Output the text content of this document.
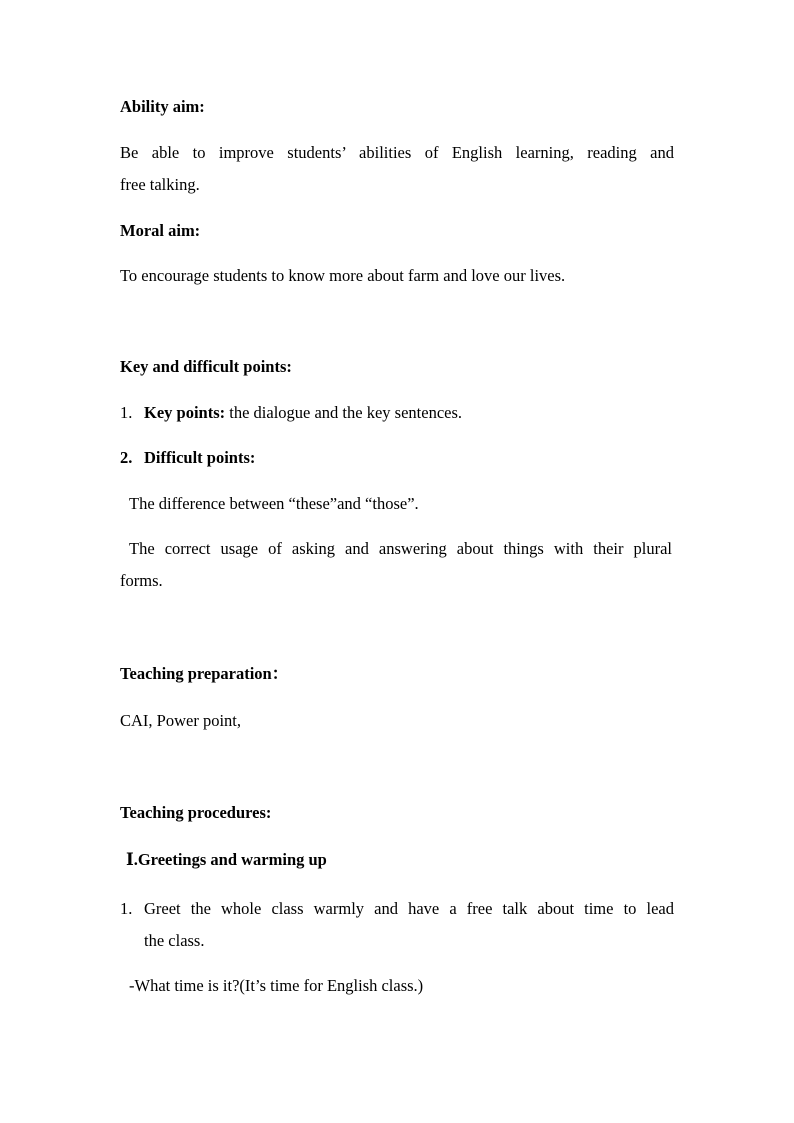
Ability aim:
Be able to improve students’ abilities of English learning, reading and
free talking.
Moral aim:
To encourage students to know more about farm and love our lives.
Key and difficult points:
1. Key points: the dialogue and the key sentences.
2. Difficult points:
The difference between “these”and “those”.
The correct usage of asking and answering about things with their plural
forms.
Teaching preparation：
CAI, Power point,
Teaching procedures:
Ⅰ.Greetings and warming up
1. Greet the whole class warmly and have a free talk about time to lead
the class.
-What time is it?(It’s time for English class.)
